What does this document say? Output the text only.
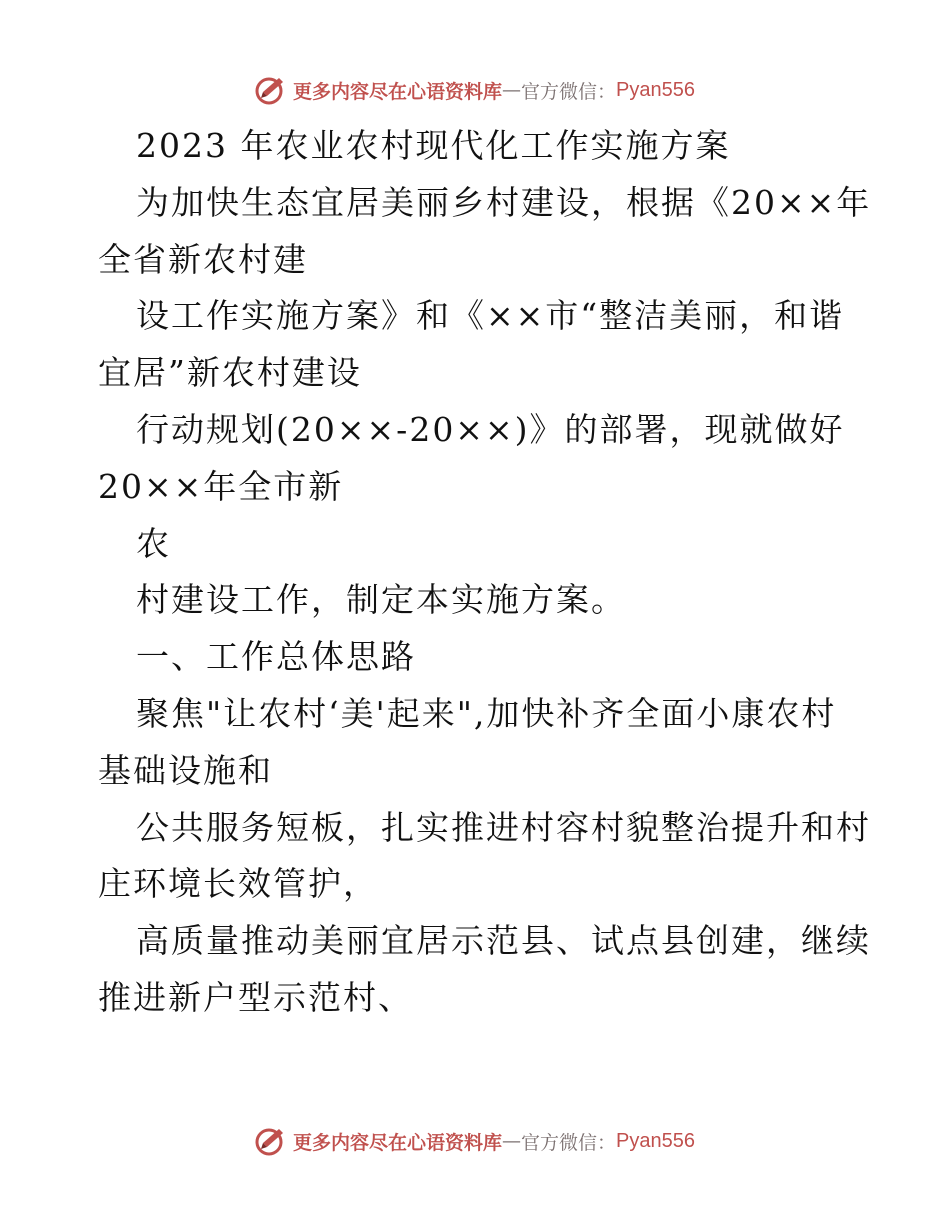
更多内容尽在心语资料库 — 官方微信： Pyan556
2023 年农业农村现代化工作实施方案
为加快生态宜居美丽乡村建设，根据《20××年
全省新农村建
设工作实施方案》和《××市“整洁美丽，和谐
宜居”新农村建设
行动规划(20××-20××)》的部署，现就做好
20××年全市新
农
村建设工作，制定本实施方案。
一、工作总体思路
聚焦"让农村‘美'起来",加快补齐全面小康农村
基础设施和
公共服务短板，扎实推进村容村貌整治提升和村
庄环境长效管护，
高质量推动美丽宜居示范县、试点县创建，继续
推进新户型示范村、
更多内容尽在心语资料库 — 官方微信： Pyan556
